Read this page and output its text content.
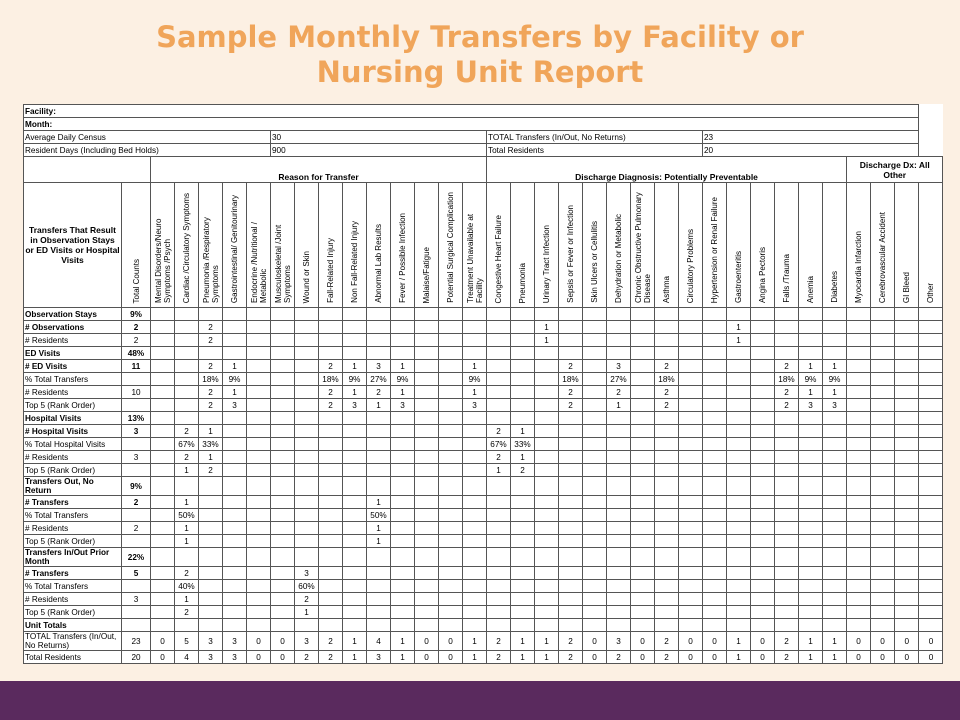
Sample Monthly Transfers by Facility or
Nursing Unit Report
Facility:																																		
Month:																																		
Average Daily Census							30									TOTAL Transfers (In/Out, No Returns)									23									
Resident Days (Including Bed Holds)							900									Total Residents									20									
		Reason for Transfer														Discharge Diagnosis: Potentially Preventable															Discharge Dx: All Other			
Transfers That Result in Observation Stays or ED Visits or Hospital Visits	Total Counts	Mental Disorders/Neuro Symptoms /Psych	Cardiac /Circulatory Symptoms	Pneumonia /Respiratory Symptoms	Gastrointestinal/ Genitourinary	Endocrine /Nutritional / Metabolic	Musculoskeletal /Joint Symptoms	Wound or Skin	Fall-Related Injury	Non Fall-Related Injury	Abnormal Lab Results	Fever / Possible Infection	Malaise/Fatigue	Potential Surgical Complication	Treatment Unavailable at Facility	Congestive Heart Failure	Pneumonia	Urinary Tract Infection	Sepsis or Fever or Infection	Skin Ulcers or Cellulitis	Dehydration or Metabolic	Chronic Obstructive Pulmonary Disease	Asthma	Circulatory Problems	Hypertension or Renal Failure	Gastroenteritis	Angina Pectoris	Falls /Trauma	Anemia	Diabetes	Myocardia Infarction	Cerebrovascular Accident	GI Bleed	Other
Observation Stays	9%																																	
# Observations	2			2														1								1								
# Residents	2			2														1								1								
ED Visits	48%																																	
# ED Visits	11			2	1				2	1	3	1			1				2		3		2					2	1	1				
% Total Transfers				18%	9%				18%	9%	27%	9%			9%				18%		27%		18%					18%	9%	9%				
# Residents	10			2	1				2	1	2	1			1				2		2		2					2	1	1				
Top 5 (Rank Order)				2	3				2	3	1	3			3				2		1		2					2	3	3				
Hospital Visits	13%																																	
# Hospital Visits	3		2	1												2	1																	
% Total Hospital Visits			67%	33%												67%	33%																	
# Residents	3		2	1												2	1																	
Top 5 (Rank Order)			1	2												1	2																	
Transfers Out, No Return	9%																																	
# Transfers	2		1								1																							
% Total Transfers			50%								50%																							
# Residents	2		1								1																							
Top 5 (Rank Order)			1								1																							
Transfers In/Out Prior Month	22%																																	
# Transfers	5		2					3																										
% Total Transfers			40%					60%																										
# Residents	3		1					2																										
Top 5 (Rank Order)			2					1																										
Unit Totals																																		
TOTAL Transfers (In/Out, No Returns)	23	0	5	3	3	0	0	3	2	1	4	1	0	0	1	2	1	1	2	0	3	0	2	0	0	1	0	2	1	1	0	0	0	0
Total Residents	20	0	4	3	3	0	0	2	2	1	3	1	0	0	1	2	1	1	2	0	2	0	2	0	0	1	0	2	1	1	0	0	0	0
